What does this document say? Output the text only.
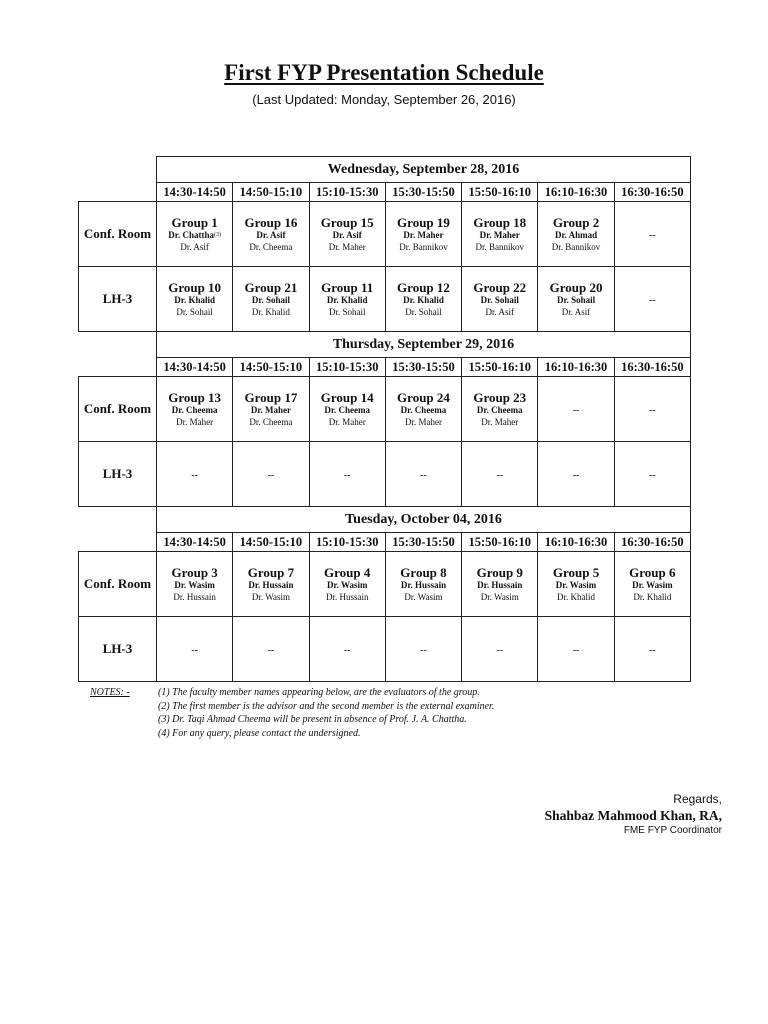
First FYP Presentation Schedule
(Last Updated: Monday, September 26, 2016)
	Wednesday, September 28, 2016						
	14:30-14:50	14:50-15:10	15:10-15:30	15:30-15:50	15:50-16:10	16:10-16:30	16:30-16:50
Conf. Room	Group 1
Dr. Chattha$^{(3)}$
Dr. Asif	Group 16
Dr. Asif
Dr. Cheema	Group 15
Dr. Asif
Dr. Maher	Group 19
Dr. Maher
Dr. Bannikov	Group 18
Dr. Maher
Dr. Bannikov	Group 2
Dr. Ahmad
Dr. Bannikov	--
LH-3	Group 10
Dr. Khalid
Dr. Sohail	Group 21
Dr. Sohail
Dr. Khalid	Group 11
Dr. Khalid
Dr. Sohail	Group 12
Dr. Khalid
Dr. Sohail	Group 22
Dr. Sohail
Dr. Asif	Group 20
Dr. Sohail
Dr. Asif	--
	Thursday, September 29, 2016						
	14:30-14:50	14:50-15:10	15:10-15:30	15:30-15:50	15:50-16:10	16:10-16:30	16:30-16:50
Conf. Room	Group 13
Dr. Cheema
Dr. Maher	Group 17
Dr. Maher
Dr. Cheema	Group 14
Dr. Cheema
Dr. Maher	Group 24
Dr. Cheema
Dr. Maher	Group 23
Dr. Cheema
Dr. Maher	--	--
LH-3	--	--	--	--	--	--	--
	Tuesday, October 04, 2016						
	14:30-14:50	14:50-15:10	15:10-15:30	15:30-15:50	15:50-16:10	16:10-16:30	16:30-16:50
Conf. Room	Group 3
Dr. Wasim
Dr. Hussain	Group 7
Dr. Hussain
Dr. Wasim	Group 4
Dr. Wasim
Dr. Hussain	Group 8
Dr. Hussain
Dr. Wasim	Group 9
Dr. Hussain
Dr. Wasim	Group 5
Dr. Wasim
Dr. Khalid	Group 6
Dr. Wasim
Dr. Khalid

LH-3	--	--	--	--	--	--	--
NOTES: -	(1) The faculty member names appearing below, are the evaluators of the group.
(2) The first member is the advisor and the second member is the external examiner.
(3) Dr. Taqi Ahmad Cheema will be present in absence of Prof. J. A. Chattha.
(4) For any query, please contact the undersigned.
Regards,
Shahbaz Mahmood Khan, RA,
FME FYP Coordinator
